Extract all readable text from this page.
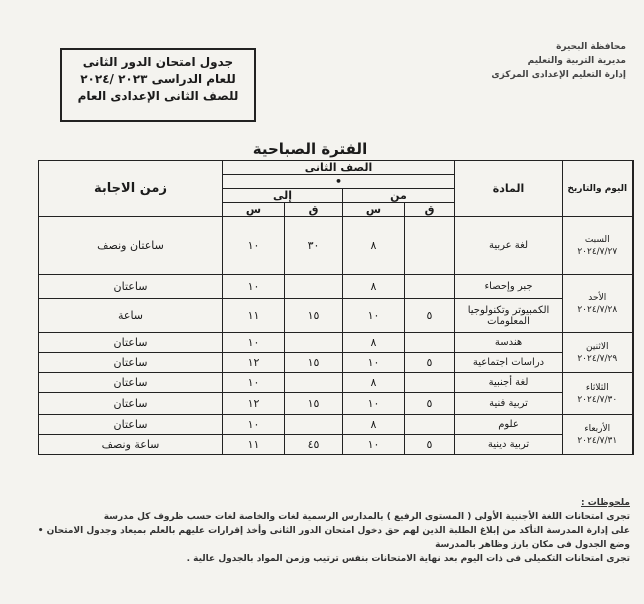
محافظة البحيرة
مديرية التربية والتعليم
إدارة التعليم الإعدادى المركزى
جدول امتحان الدور الثانى
للعام الدراسى ٢٠٢٣ /٢٠٢٤
للصف الثانى الإعدادى العام
الفترة الصباحية
اليوم والتاريخ	المادة	الصف الثانى				زمن الاجابة
		•				
		من		إلى		
		ق	س	ق	س	

السبت
٢٠٢٤/٧/٢٧	لغة عربية		٨	٣٠	١٠	ساعتان ونصف

الأحد
٢٠٢٤/٧/٢٨	جبر وإحصاء		٨		١٠	ساعتان
	الكمبيوتر وتكنولوجيا المعلومات	٥	١٠	١٥	١١	ساعة

الاثنين
٢٠٢٤/٧/٢٩	هندسة		٨		١٠	ساعتان
	دراسات اجتماعية	٥	١٠	١٥	١٢	ساعتان

الثلاثاء
٢٠٢٤/٧/٣٠	لغة أجنبية		٨		١٠	ساعتان
	تربية فنية	٥	١٠	١٥	١٢	ساعتان

الأربعاء
٢٠٢٤/٧/٣١	علوم		٨		١٠	ساعتان
	تربية دينية	٥	١٠	٤٥	١١	ساعة ونصف
ملحوظات :
تجرى امتحانات اللغة الأجنبية الأولى ( المستوى الرفيع ) بالمدارس الرسمية لغات والخاصة لغات حسب ظروف كل مدرسة
على إدارة المدرسة التأكد من إبلاغ الطلبة الذين لهم حق دخول امتحان الدور الثانى وأخذ إقرارات عليهم بالعلم بميعاد وجدول الامتحان •
وضع الجدول فى مكان بارز وظاهر بالمدرسة
تجرى امتحانات التكميلى فى ذات اليوم بعد نهاية الامتحانات بنفس ترتيب وزمن المواد بالجدول عالية .
